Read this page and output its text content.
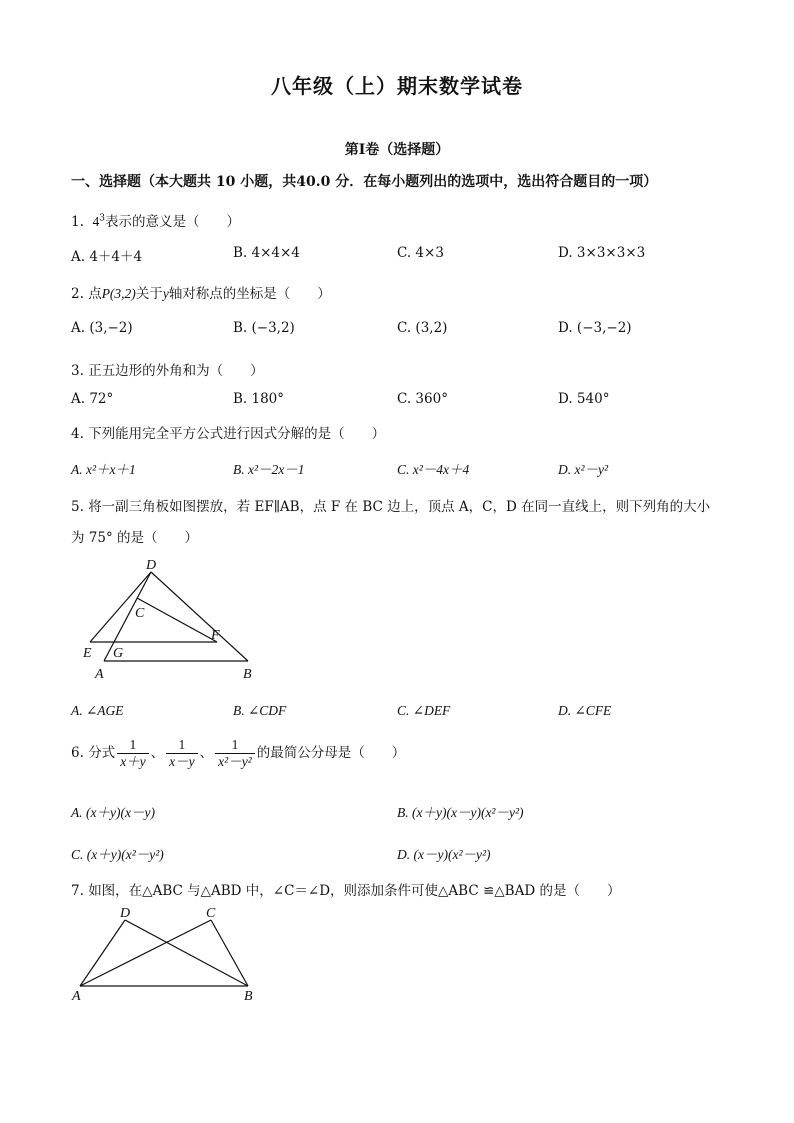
八年级（上）期末数学试卷
第Ⅰ卷（选择题）
一、选择题（本大题共 10 小题，共40.0 分．在每小题列出的选项中，选出符合题目的一项）
1. $4^3$表示的意义是（　　）
A. 4＋4＋4	B. 4×4×4	C. 4×3	D. 3×3×3×3
2. 点P(3,2)关于y轴对称点的坐标是（　　）
A. (3,−2)	B. (−3,2)	C. (3,2)	D. (−3,−2)
3. 正五边形的外角和为（　　）
A. 72°	B. 180°	C. 360°	D. 540°
4. 下列能用完全平方公式进行因式分解的是（　　）
A. x²＋x＋1	B. x²－2x－1	C. x²－4x＋4	D. x²－y²
5. 将一副三角板如图摆放，若 EF∥AB，点 F 在 BC 边上，顶点 A，C，D 在同一直线上，则下列角的大小
为 75° 的是（　　）
D
C
F
E G
A	B
A. ∠AGE	B. ∠CDF	C. ∠DEF	D. ∠CFE
6. 分式 $\frac{1}{x+y}$ 、 $\frac{1}{x-y}$ 、 $\frac{1}{\text{x²－y²}}$ 的最简公分母是（　　）
A. (x＋y)(x－y)	B. (x＋y)(x－y)(x²－y²)
C. (x＋y)(x²－y²)	D. (x－y)(x²－y²)
7. 如图，在△ABC 与△ABD 中，∠C＝∠D，则添加条件可使△ABC ≌△BAD 的是（　　）
D	C
A	B
